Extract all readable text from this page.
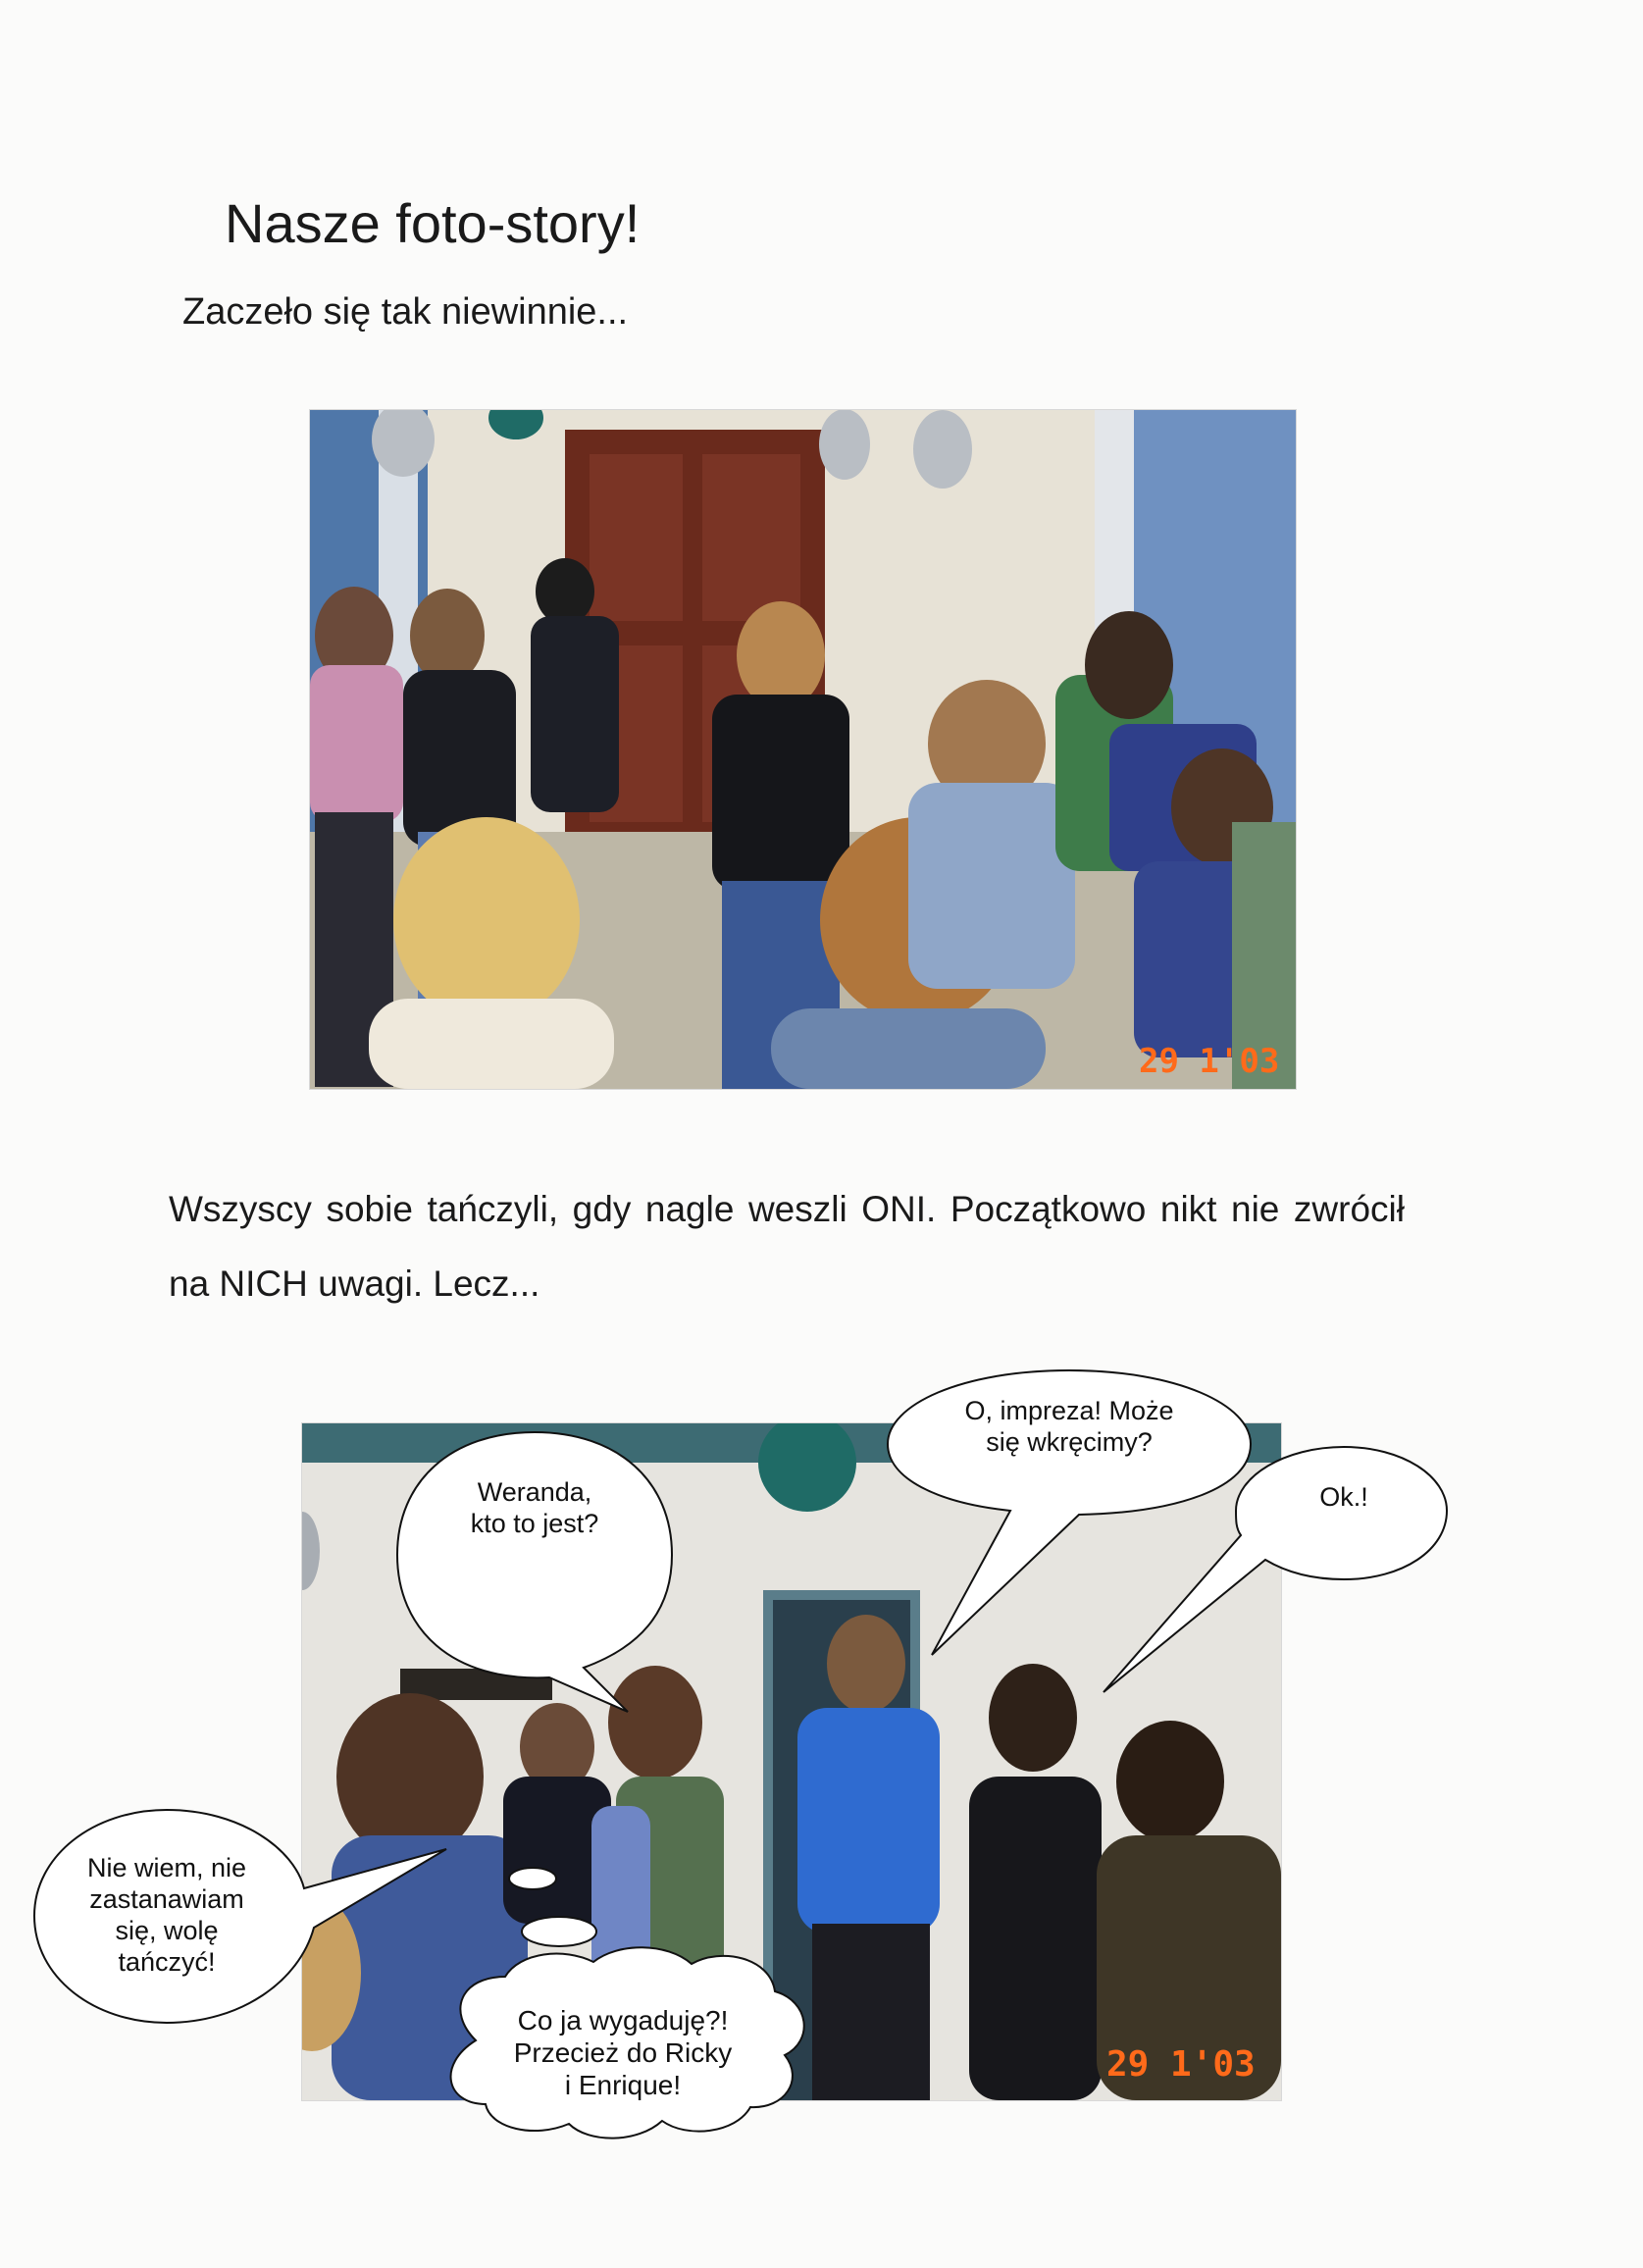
Nasze foto-story!
Zaczeło się tak niewinnie...
29 1'03
Wszyscy sobie tańczyli, gdy nagle weszli ONI. Początkowo nikt nie zwrócił na NICH uwagi. Lecz...
29 1'03
Weranda,
kto to jest?
O, impreza! Może
się wkręcimy?
Ok.!
Nie wiem, nie
zastanawiam
się, wolę
tańczyć!
Co ja wygaduję?!
Przecież do Ricky
i Enrique!
